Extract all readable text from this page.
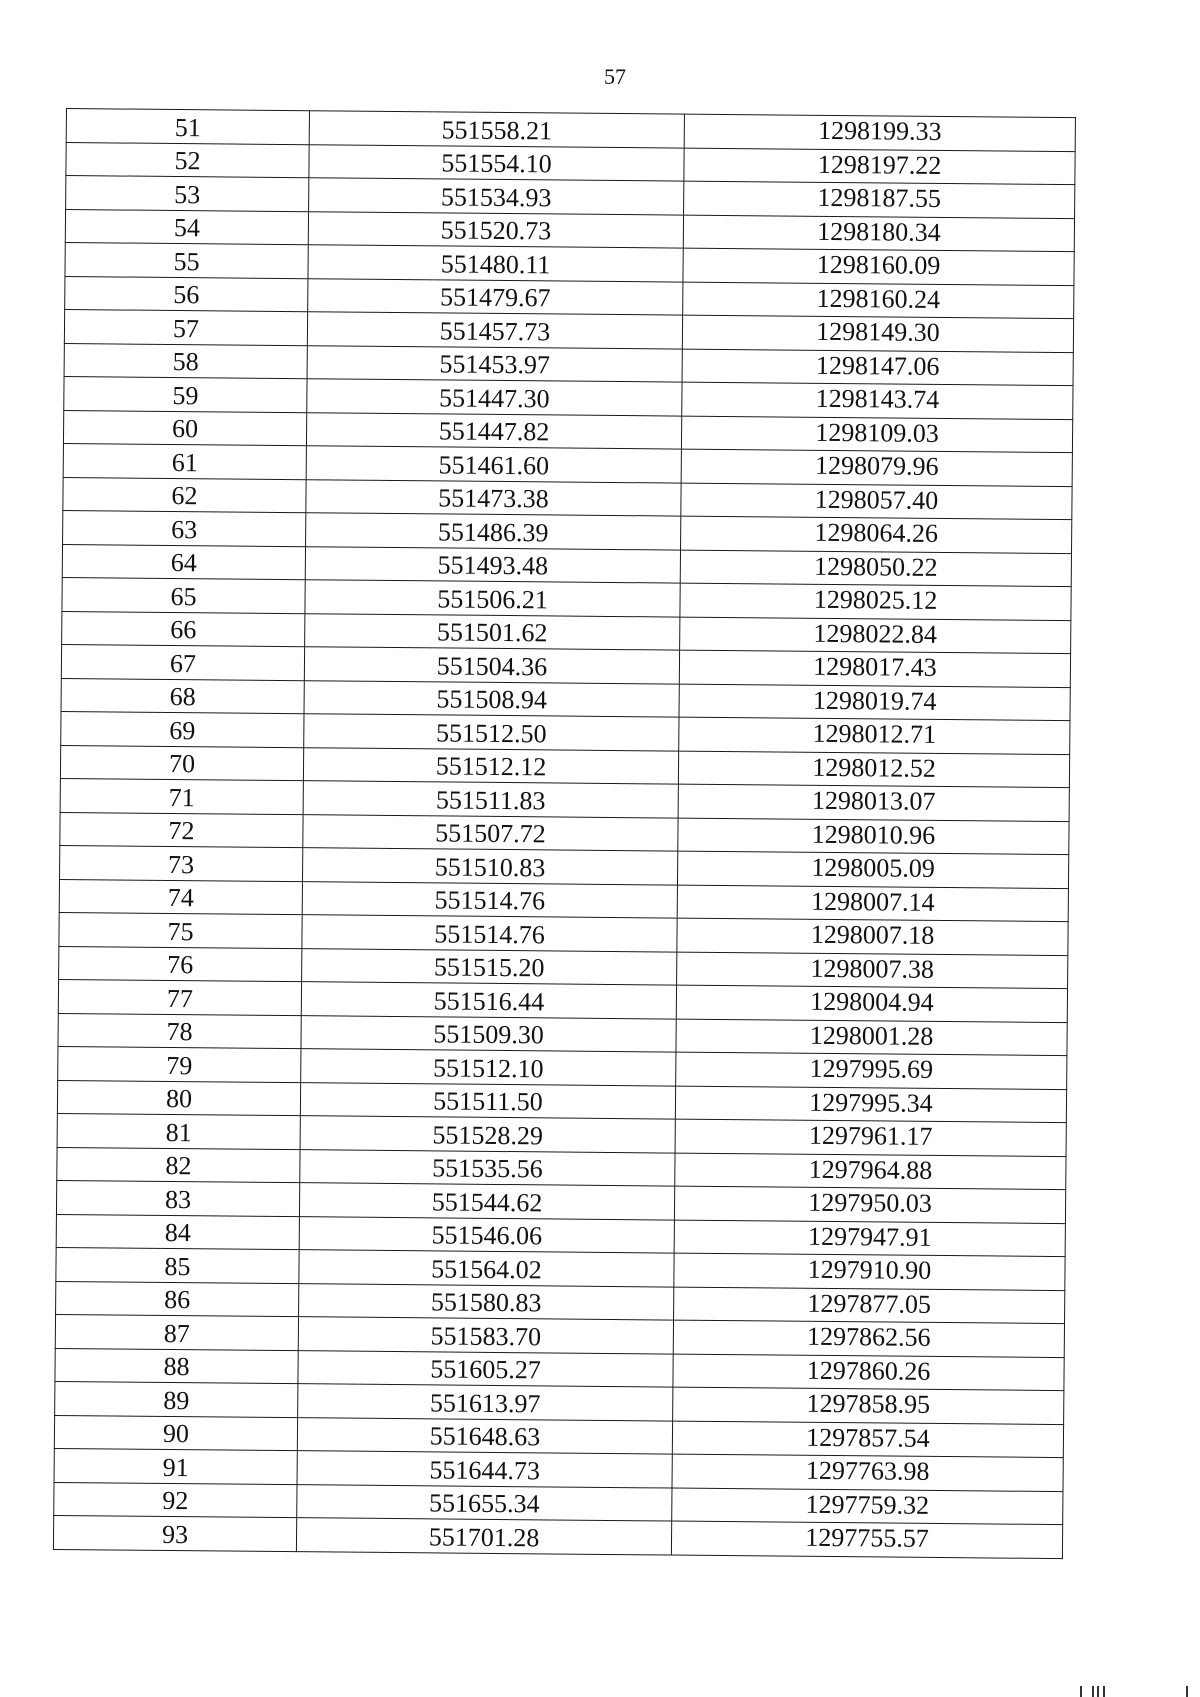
57
51	551558.21	1298199.33
52	551554.10	1298197.22
53	551534.93	1298187.55
54	551520.73	1298180.34
55	551480.11	1298160.09
56	551479.67	1298160.24
57	551457.73	1298149.30
58	551453.97	1298147.06
59	551447.30	1298143.74
60	551447.82	1298109.03
61	551461.60	1298079.96
62	551473.38	1298057.40
63	551486.39	1298064.26
64	551493.48	1298050.22
65	551506.21	1298025.12
66	551501.62	1298022.84
67	551504.36	1298017.43
68	551508.94	1298019.74
69	551512.50	1298012.71
70	551512.12	1298012.52
71	551511.83	1298013.07
72	551507.72	1298010.96
73	551510.83	1298005.09
74	551514.76	1298007.14
75	551514.76	1298007.18
76	551515.20	1298007.38
77	551516.44	1298004.94
78	551509.30	1298001.28
79	551512.10	1297995.69
80	551511.50	1297995.34
81	551528.29	1297961.17
82	551535.56	1297964.88
83	551544.62	1297950.03
84	551546.06	1297947.91
85	551564.02	1297910.90
86	551580.83	1297877.05
87	551583.70	1297862.56
88	551605.27	1297860.26
89	551613.97	1297858.95
90	551648.63	1297857.54
91	551644.73	1297763.98
92	551655.34	1297759.32
93	551701.28	1297755.57
